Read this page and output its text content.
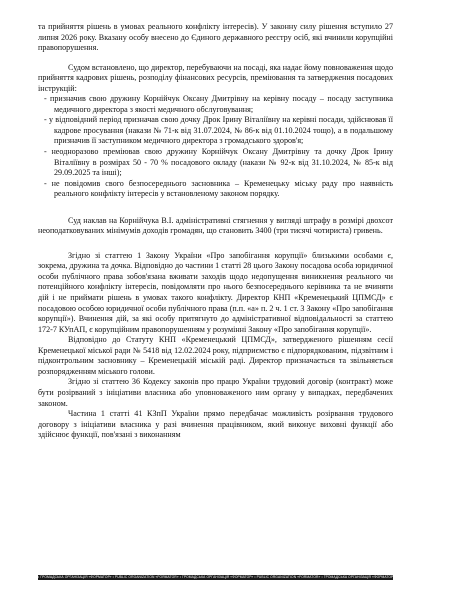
та прийняття рішень в умовах реального конфлікту інтересів). У законну силу рішення вступило 27 липня 2026 року. Вказану особу внесено до Єдиного державного реєстру осіб, які вчинили корупційні правопорушення.

Судом встановлено, що директор, перебуваючи на посаді, яка надає йому повноваження щодо прийняття кадрових рішень, розподілу фінансових ресурсів, преміювання та затвердження посадових інструкцій:

- призначив свою дружину Корнійчук Оксану Дмитрівну на керівну посаду – посаду заступника медичного директора з якості медичного обслуговування;

- у відповідний період призначав свою дочку Дрок Ірину Віталіївну на керівні посади, здійснював її кадрове просування (накази № 71-к від 31.07.2024, № 86-к від 01.10.2024 тощо), а в подальшому призначив її заступником медичного директора з громадського здоров'я;

- неодноразово преміював свою дружину Корнійчук Оксану Дмитрівну та дочку Дрок Ірину Віталіївну в розмірах 50 - 70 % посадового окладу (накази № 92-к від 31.10.2024, № 85-к від 29.09.2025 та інші);

- не повідомив свого безпосереднього засновника – Кременецьку міську раду про наявність реального конфлікту інтересів у встановленому законом порядку.

Суд наклав на Корнійчука В.І. адміністративні стягнення у вигляді штрафу в розмірі двохсот неоподатковуваних мінімумів доходів громадян, що становить 3400 (три тисячі чотириста) гривень.

Згідно зі статтею 1 Закону України «Про запобігання корупції» близькими особами є, зокрема, дружина та дочка. Відповідно до частини 1 статті 28 цього Закону посадова особа юридичної особи публічного права зобов'язана вживати заходів щодо недопущення виникнення реального чи потенційного конфлікту інтересів, повідомляти про нього безпосереднього керівника та не вчиняти дій і не приймати рішень в умовах такого конфлікту. Директор КНП «Кременецький ЦПМСД» є посадовою особою юридичної особи публічного права (п.п. «а» п. 2 ч. 1 ст. 3 Закону «Про запобігання корупції»). Вчинення дій, за які особу притягнуто до адміністративної відповідальності за статтею 172-7 КУпАП, є корупційним правопорушенням у розумінні Закону «Про запобігання корупції».

Відповідно до Статуту КНП «Кременецький ЦПМСД», затвердженого рішенням сесії Кременецької міської ради № 5418 від 12.02.2024 року, підприємство є підпорядкованим, підзвітним і підконтрольним засновнику – Кременецькій міській раді. Директор призначається та звільняється розпорядженням міського голови.

Згідно зі статтею 36 Кодексу законів про працю України трудовий договір (контракт) може бути розірваний з ініціативи власника або уповноваженого ним органу у випадках, передбачених законом.

Частина 1 статті 41 КЗпП України прямо передбачає можливість розірвання трудового договору з ініціативи власника у разі вчинення працівником, який виконує виховні функції або здійснює функції, пов'язані з виконанням

• ГРОМАДСЬКА ОРГАНІЗАЦІЯ «ФОРМАТОР» • PUBLIC ORGANIZATION «FORMATOR» • ГРОМАДСЬКА ОРГАНІЗАЦІЯ «ФОРМАТОР» • PUBLIC ORGANIZATION «FORMATOR» • ГРОМАДСЬКА ОРГАНІЗАЦІЯ «ФОРМАТОР» • PUBLIC ORGANIZATION «FORMATOR» •
